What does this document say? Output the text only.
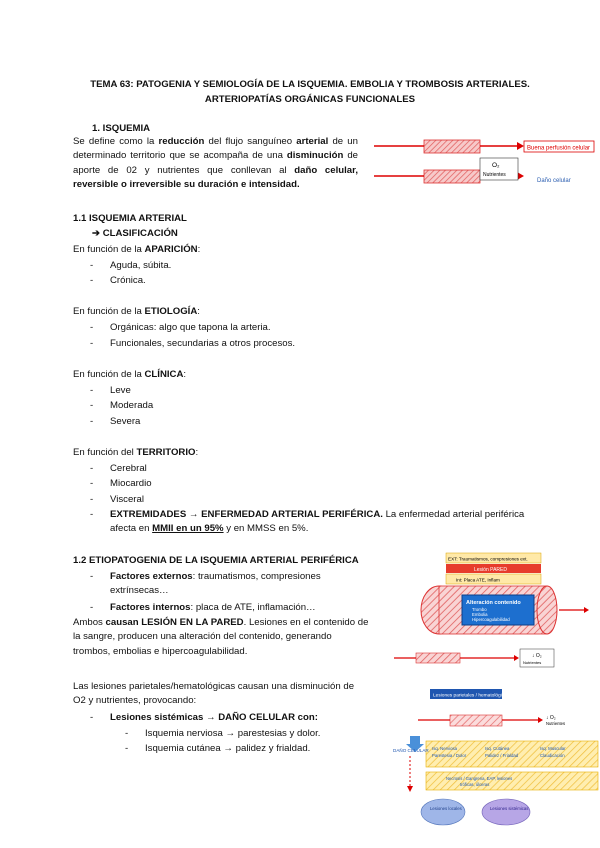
TEMA 63: PATOGENIA Y SEMIOLOGÍA DE LA ISQUEMIA. EMBOLIA Y TROMBOSIS ARTERIALES.
ARTERIOPATÍAS ORGÁNICAS FUNCIONALES
1. ISQUEMIA
Se define como la reducción del flujo sanguíneo arterial de un determinado territorio que se acompaña de una disminución de aporte de 02 y nutrientes que conllevan al daño celular, reversible o irreversible su duración e intensidad.
Buena perfusión celular
O₂
Nutrientes
Daño celular
1.1 ISQUEMIA ARTERIAL
➔ CLASIFICACIÓN
En función de la APARICIÓN:
- Aguda, súbita.
- Crónica.
En función de la ETIOLOGÍA:
- Orgánicas: algo que tapona la arteria.
- Funcionales, secundarias a otros procesos.
En función de la CLÍNICA:
- Leve
- Moderada
- Severa
En función del TERRITORIO:
- Cerebral
- Miocardio
- Visceral
- EXTREMIDADES → ENFERMEDAD ARTERIAL PERIFÉRICA. La enfermedad arterial periférica
afecta en MMII en un 95% y en MMSS en 5%.
1.2 ETIOPATOGENIA DE LA ISQUEMIA ARTERIAL PERIFÉRICA
- Factores externos: traumatismos, compresiones
extrínsecas…
- Factores internos: placa de ATE, inflamación…
Ambos causan LESIÓN EN LA PARED. Lesiones en el contenido de
la sangre, producen una alteración del contenido, generando
trombos, embolias e hipercoagulabilidad.
EXT: Traumatismos, compresiones ext.
Lesión PARED
Int: Placa ATE, Inflam
Alteración contenido
Trombo
Embolia
Hipercoagulabilidad
↓ O₂
Nutrientes
Las lesiones parietales/hematológicas causan una disminución de
O2 y nutrientes, provocando:
- Lesiones sistémicas → DAÑO CELULAR con:
- Isquemia nerviosa → parestesias y dolor.
- Isquemia cutánea → palidez y frialdad.
Lesiones parietales / hematológicas
↓ O₂
Nutrientes
DAÑO CELULAR Isq. Nerviosa
Parestesia / Dolor
Isq. Cutánea
Palidez / Frialdad
Isq. Muscular
Claudicación
Necrosis / Gangrena, EAP, lesiones
tróficas, úlceras
Lesiones locales	Lesiones sistémicas
